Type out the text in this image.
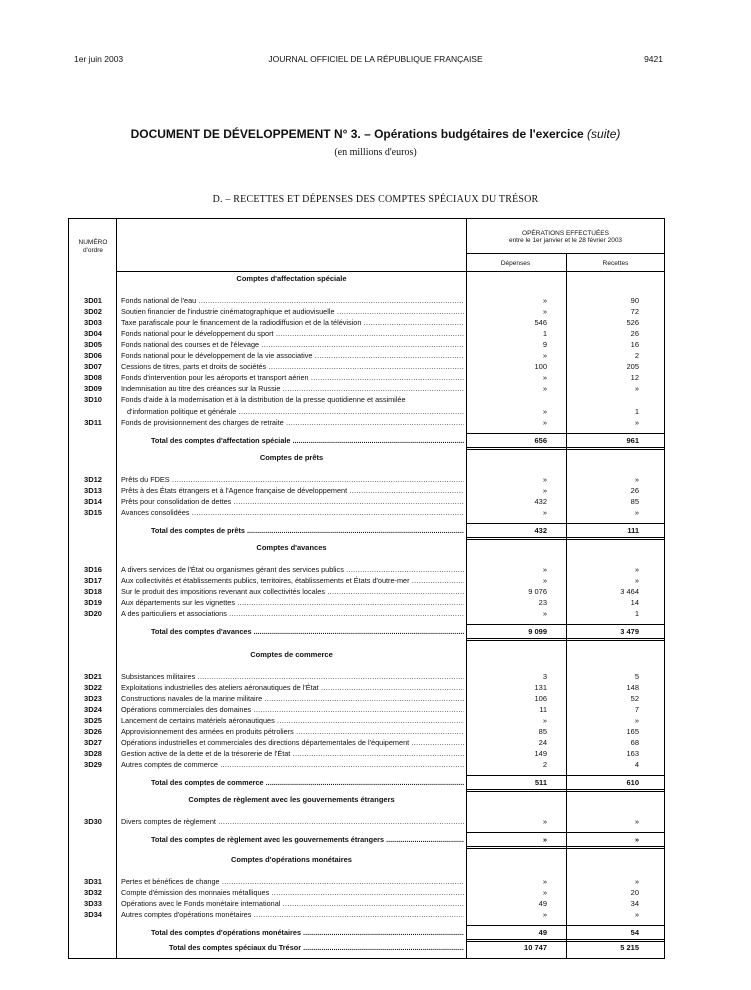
1er juin 2003	JOURNAL OFFICIEL DE LA RÉPUBLIQUE FRANÇAISE	9421
DOCUMENT DE DÉVELOPPEMENT N° 3. – Opérations budgétaires de l'exercice (suite)
(en millions d'euros)
D. – RECETTES ET DÉPENSES DES COMPTES SPÉCIAUX DU TRÉSOR
NUMÉRO
d'ordre
OPÉRATIONS EFFECTUÉES
entre le 1er janvier et le 28 février 2003
Dépenses	Recettes
Comptes d'affectation spéciale
3D01	Fonds national de l'eau .....	»	90
3D02	Soutien financier de l'industrie cinématographique et audiovisuelle .....	»	72
3D03	Taxe parafiscale pour le financement de la radiodiffusion et de la télévision .....	546	526
3D04	Fonds national pour le développement du sport .....	1	26
3D05	Fonds national des courses et de l'élevage .....	9	16
3D06	Fonds national pour le développement de la vie associative .....	»	2
3D07	Cessions de titres, parts et droits de sociétés .....	100	205
3D08	Fonds d'intervention pour les aéroports et transport aérien .....	»	12
3D09	Indemnisation au titre des créances sur la Russie .....	»	»
3D10	Fonds d'aide à la modernisation et à la distribution de la presse quotidienne et assimilée
d'information politique et générale .....	»	1
3D11	Fonds de provisionnement des charges de retraite .....	»	»
Total des comptes d'affectation spéciale .....	656	961
Comptes de prêts
3D12	Prêts du FDES .....	»	»
3D13	Prêts à des États étrangers et à l'Agence française de développement .....	»	26
3D14	Prêts pour consolidation de dettes .....	432	85
3D15	Avances consolidées .....	»	»
Total des comptes de prêts .....	432	111
Comptes d'avances
3D16	A divers services de l'État ou organismes gérant des services publics .....	»	»
3D17	Aux collectivités et établissements publics, territoires, établissements et États d'outre-mer .....	»	»
3D18	Sur le produit des impositions revenant aux collectivités locales .....	9 076	3 464
3D19	Aux départements sur les vignettes .....	23	14
3D20	A des particuliers et associations .....	»	1
Total des comptes d'avances .....	9 099	3 479
Comptes de commerce
3D21	Subsistances militaires .....	3	5
3D22	Exploitations industrielles des ateliers aéronautiques de l'État .....	131	148
3D23	Constructions navales de la marine militaire .....	106	52
3D24	Opérations commerciales des domaines .....	11	7
3D25	Lancement de certains matériels aéronautiques .....	»	»
3D26	Approvisionnement des armées en produits pétroliers .....	85	165
3D27	Opérations industrielles et commerciales des directions départementales de l'équipement .....	24	68
3D28	Gestion active de la dette et de la trésorerie de l'État .....	149	163
3D29	Autres comptes de commerce .....	2	4
Total des comptes de commerce .....	511	610
Comptes de règlement avec les gouvernements étrangers
3D30	Divers comptes de règlement .....	»	»
Total des comptes de règlement avec les gouvernements étrangers .....	»	»
Comptes d'opérations monétaires
3D31	Pertes et bénéfices de change .....	»	»
3D32	Compte d'émission des monnaies métalliques .....	»	20
3D33	Opérations avec le Fonds monétaire international .....	49	34
3D34	Autres comptes d'opérations monétaires .....	»	»
Total des comptes d'opérations monétaires .....	49	54
Total des comptes spéciaux du Trésor .....	10 747	5 215
